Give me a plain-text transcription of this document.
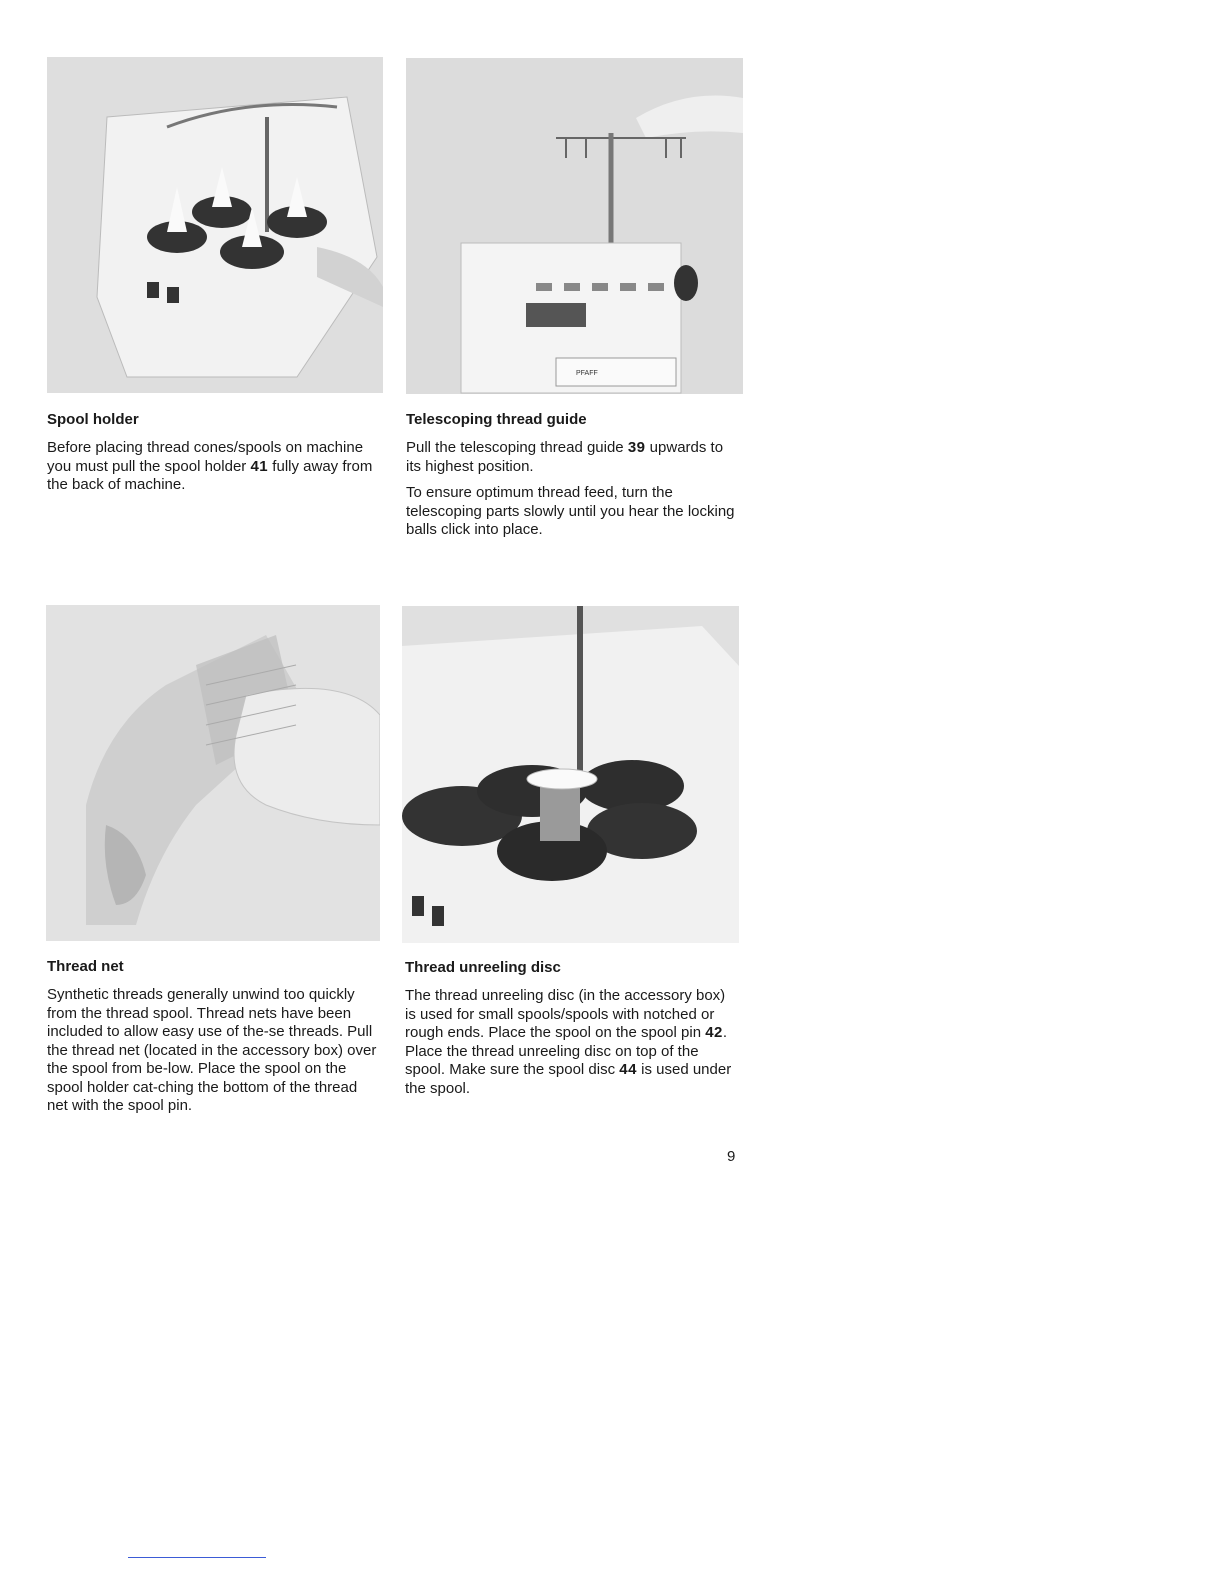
PFAFF
Spool holder

Before placing thread cones/spools on machine you must pull the spool holder 41 fully away from the back of machine.

Telescoping thread guide

Pull the telescoping thread guide 39 upwards to its highest position.

To ensure optimum thread feed, turn the telescoping parts slowly until you hear the locking balls click into place.

Thread net

Synthetic threads generally unwind too quickly from the thread spool. Thread nets have been included to allow easy use of the-se threads. Pull the thread net (located in the accessory box) over the spool from be-low. Place the spool on the spool holder cat-ching the bottom of the thread net with the spool pin.

Thread unreeling disc

The thread unreeling disc (in the accessory box) is used for small spools/spools with notched or rough ends. Place the spool on the spool pin 42. Place the thread unreeling disc on top of the spool. Make sure the spool disc 44 is used under the spool.

9
